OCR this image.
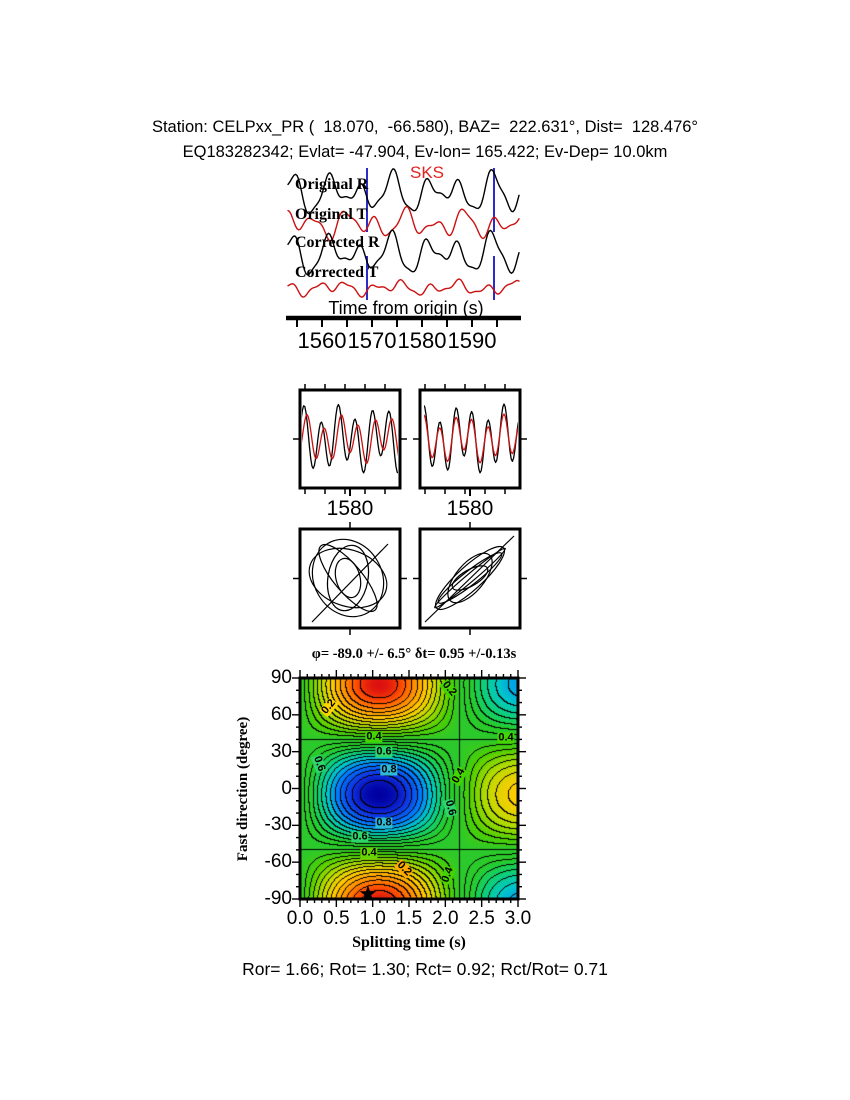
Station: CELPxx_PR (  18.070,  -66.580), BAZ=  222.631°, Dist=  128.476°
EQ183282342; Evlat= -47.904, Ev-lon= 165.422; Ev-Dep= 10.0km
SKS
Original R
Original T
Corrected R
Corrected T
Time from origin (s)
1560 1570 1580 1590
1580	1580
φ= -89.0 +/- 6.5° δt= 0.95 +/-0.13s
Fast direction (degree)
90
60
30
0
-30
-60
-90
0.0 0.5 1.0 1.5 2.0 2.5 3.0
Splitting time (s)
0.2
0.4
0.6
0.8
0.6
0.8
0.6
0.4
0.2 0.4
0.6
0.4
0.4
0.2
★
Ror= 1.66; Rot= 1.30; Rct= 0.92; Rct/Rot= 0.71
